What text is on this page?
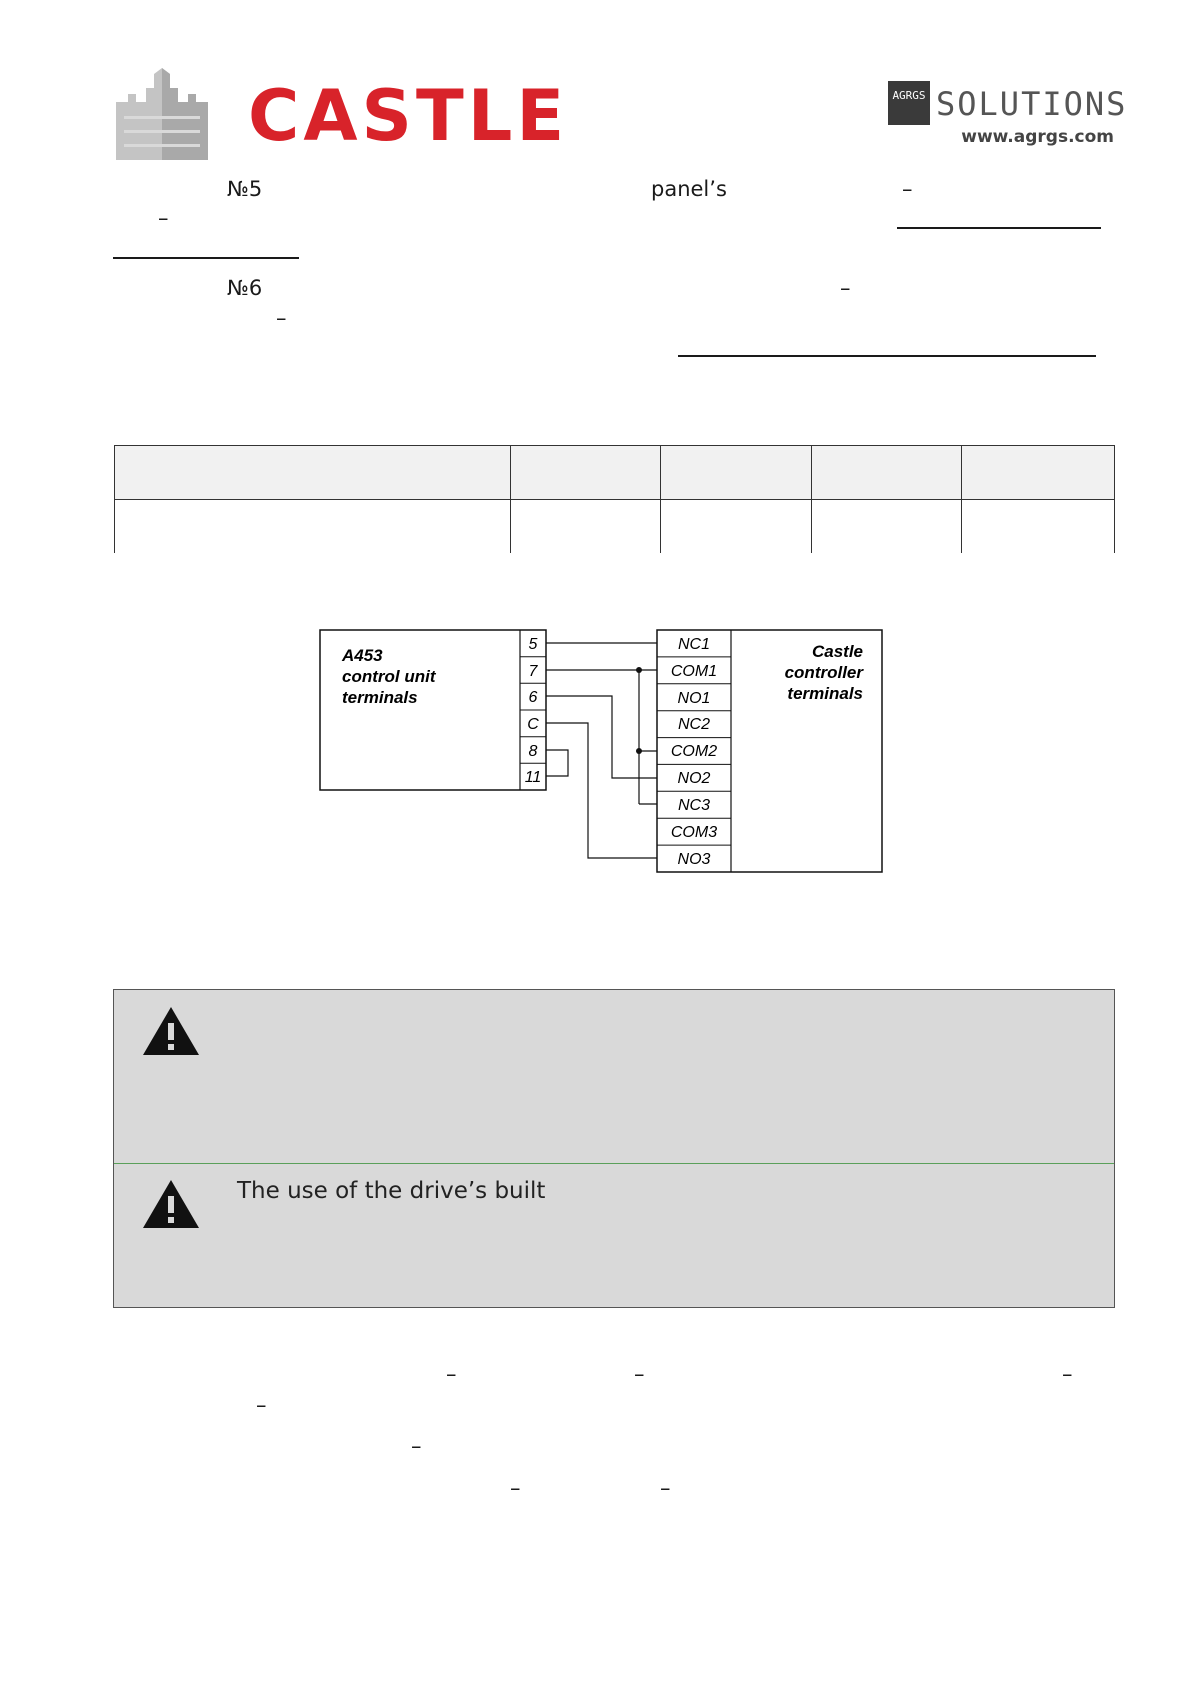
CASTLE	AGRGS SOLUTIONS
www.agrgs.com
№5	panel’s	–
–
№6	–
–
A453
control unit
terminals
5
7
6
C
8
11
Castle
controller
terminals
NC1
COM1
NO1
NC2
COM2
NO2
NC3
COM3
NO3
The use of the drive’s built
–	–	–
–
–
–	–
